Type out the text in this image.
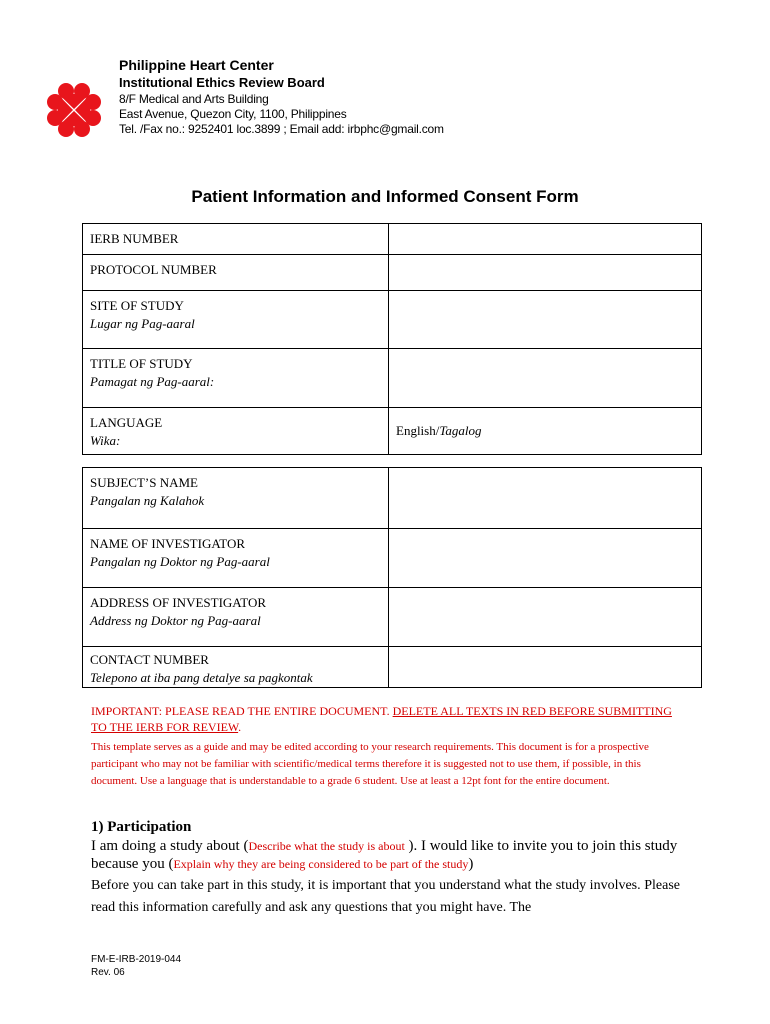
Philippine Heart Center
Institutional Ethics Review Board
8/F Medical and Arts Building
East Avenue, Quezon City, 1100, Philippines
Tel. /Fax no.: 9252401 loc.3899 ; Email add: irbphc@gmail.com
Patient Information and Informed Consent Form
IERB NUMBER	
PROTOCOL NUMBER	

SITE OF STUDY
Lugar ng Pag-aaral	

TITLE OF STUDY
Pamagat ng Pag-aaral:	

LANGUAGE
Wika:	English/Tagalog
SUBJECT’S NAME
Pangalan ng Kalahok	

NAME OF INVESTIGATOR
Pangalan ng Doktor ng Pag-aaral	

ADDRESS OF INVESTIGATOR
Address ng Doktor ng Pag-aaral	

CONTACT NUMBER
Telepono at iba pang detalye sa pagkontak	

IMPORTANT: PLEASE READ THE ENTIRE DOCUMENT. DELETE ALL TEXTS IN RED BEFORE SUBMITTING TO THE IERB FOR REVIEW.
This template serves as a guide and may be edited according to your research requirements. This document is for a prospective participant who may not be familiar with scientific/medical terms therefore it is suggested not to use them, if possible, in this document. Use a language that is understandable to a grade 6 student. Use at least a 12pt font for the entire document.
1) Participation
I am doing a study about (Describe what the study is about ). I would like to invite you to join this study because you (Explain why they are being considered to be part of the study)
Before you can take part in this study, it is important that you understand what the study involves. Please read this information carefully and ask any questions that you might have. The
FM-E-IRB-2019-044
Rev. 06
